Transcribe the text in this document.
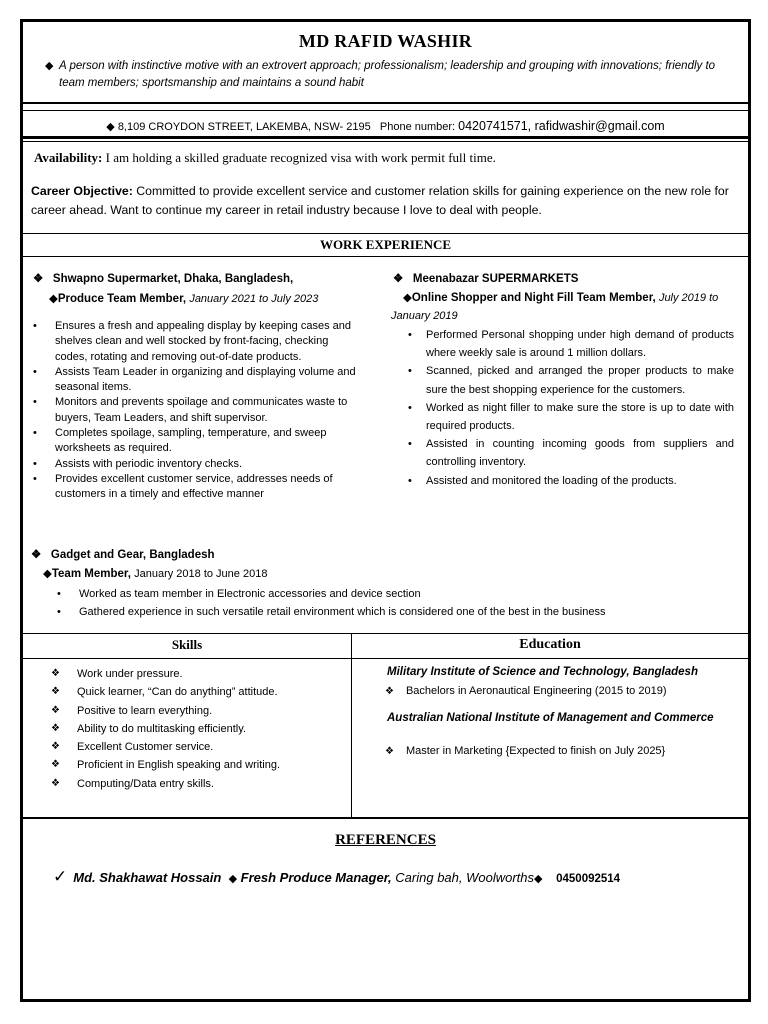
MD RAFID WASHIR
◆ A person with instinctive motive with an extrovert approach; professionalism; leadership and grouping with innovations; friendly to team members; sportsmanship and maintains a sound habit
◆ 8,109 CROYDON STREET, LAKEMBA, NSW- 2195 Phone number: 0420741571, rafidwashir@gmail.com
Availability: I am holding a skilled graduate recognized visa with work permit full time.
Career Objective: Committed to provide excellent service and customer relation skills for gaining experience on the new role for career ahead. Want to continue my career in retail industry because I love to deal with people.
WORK EXPERIENCE
❖ Shwapno Supermarket, Dhaka, Bangladesh,
◆Produce Team Member, January 2021 to July 2023
• Ensures a fresh and appealing display by keeping cases and shelves clean and well stocked by front-facing, checking codes, rotating and removing out-of-date products.
• Assists Team Leader in organizing and displaying volume and seasonal items.
• Monitors and prevents spoilage and communicates waste to buyers, Team Leaders, and shift supervisor.
• Completes spoilage, sampling, temperature, and sweep worksheets as required.
• Assists with periodic inventory checks.
• Provides excellent customer service, addresses needs of customers in a timely and effective manner
❖ Meenabazar SUPERMARKETS
◆Online Shopper and Night Fill Team Member, July 2019 to
January 2019
• Performed Personal shopping under high demand of products where weekly sale is around 1 million dollars.
• Scanned, picked and arranged the proper products to make sure the best shopping experience for the customers.
• Worked as night filler to make sure the store is up to date with required products.
• Assisted in counting incoming goods from suppliers and controlling inventory.
• Assisted and monitored the loading of the products.
❖ Gadget and Gear, Bangladesh
◆Team Member, January 2018 to June 2018
• Worked as team member in Electronic accessories and device section
• Gathered experience in such versatile retail environment which is considered one of the best in the business
Skills	Education
❖ Work under pressure.
❖ Quick learner, “Can do anything” attitude.
❖ Positive to learn everything.
❖ Ability to do multitasking efficiently.
❖ Excellent Customer service.
❖ Proficient in English speaking and writing.
❖ Computing/Data entry skills.
Military Institute of Science and Technology, Bangladesh
❖ Bachelors in Aeronautical Engineering (2015 to 2019)
Australian National Institute of Management and Commerce
❖ Master in Marketing {Expected to finish on July 2025}
REFERENCES
✓ Md. Shakhawat Hossain ◆ Fresh Produce Manager, Caring bah, Woolworths◆ 0450092514
